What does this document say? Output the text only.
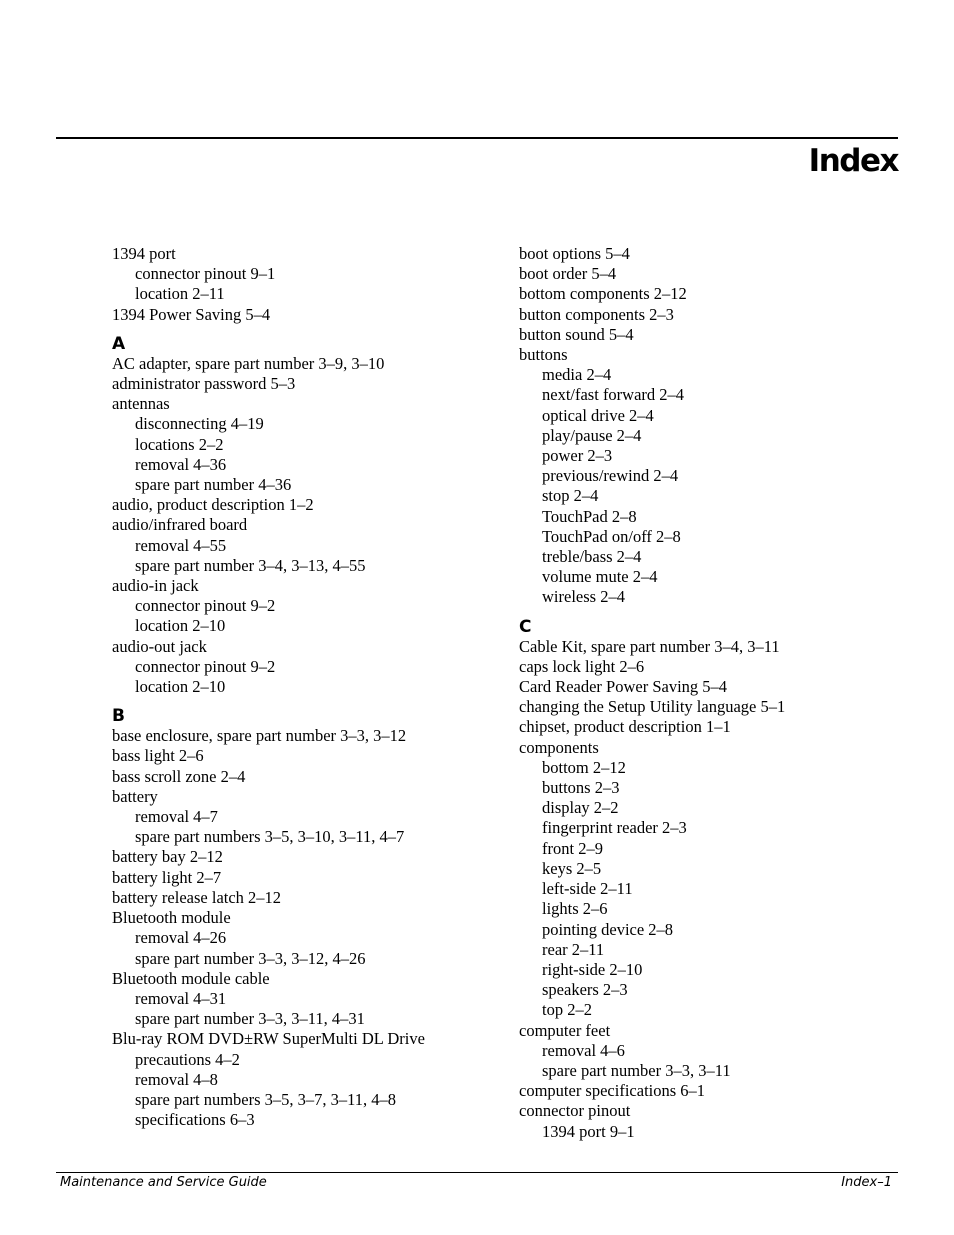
Index
1394 port
connector pinout 9–1
location 2–11
1394 Power Saving 5–4
A
AC adapter, spare part number 3–9, 3–10
administrator password 5–3
antennas
disconnecting 4–19
locations 2–2
removal 4–36
spare part number 4–36
audio, product description 1–2
audio/infrared board
removal 4–55
spare part number 3–4, 3–13, 4–55
audio-in jack
connector pinout 9–2
location 2–10
audio-out jack
connector pinout 9–2
location 2–10
B
base enclosure, spare part number 3–3, 3–12
bass light 2–6
bass scroll zone 2–4
battery
removal 4–7
spare part numbers 3–5, 3–10, 3–11, 4–7
battery bay 2–12
battery light 2–7
battery release latch 2–12
Bluetooth module
removal 4–26
spare part number 3–3, 3–12, 4–26
Bluetooth module cable
removal 4–31
spare part number 3–3, 3–11, 4–31
Blu-ray ROM DVD±RW SuperMulti DL Drive
precautions 4–2
removal 4–8
spare part numbers 3–5, 3–7, 3–11, 4–8
specifications 6–3
boot options 5–4
boot order 5–4
bottom components 2–12
button components 2–3
button sound 5–4
buttons
media 2–4
next/fast forward 2–4
optical drive 2–4
play/pause 2–4
power 2–3
previous/rewind 2–4
stop 2–4
TouchPad 2–8
TouchPad on/off 2–8
treble/bass 2–4
volume mute 2–4
wireless 2–4
C
Cable Kit, spare part number 3–4, 3–11
caps lock light 2–6
Card Reader Power Saving 5–4
changing the Setup Utility language 5–1
chipset, product description 1–1
components
bottom 2–12
buttons 2–3
display 2–2
fingerprint reader 2–3
front 2–9
keys 2–5
left-side 2–11
lights 2–6
pointing device 2–8
rear 2–11
right-side 2–10
speakers 2–3
top 2–2
computer feet
removal 4–6
spare part number 3–3, 3–11
computer specifications 6–1
connector pinout
1394 port 9–1
Maintenance and Service Guide	Index–1
